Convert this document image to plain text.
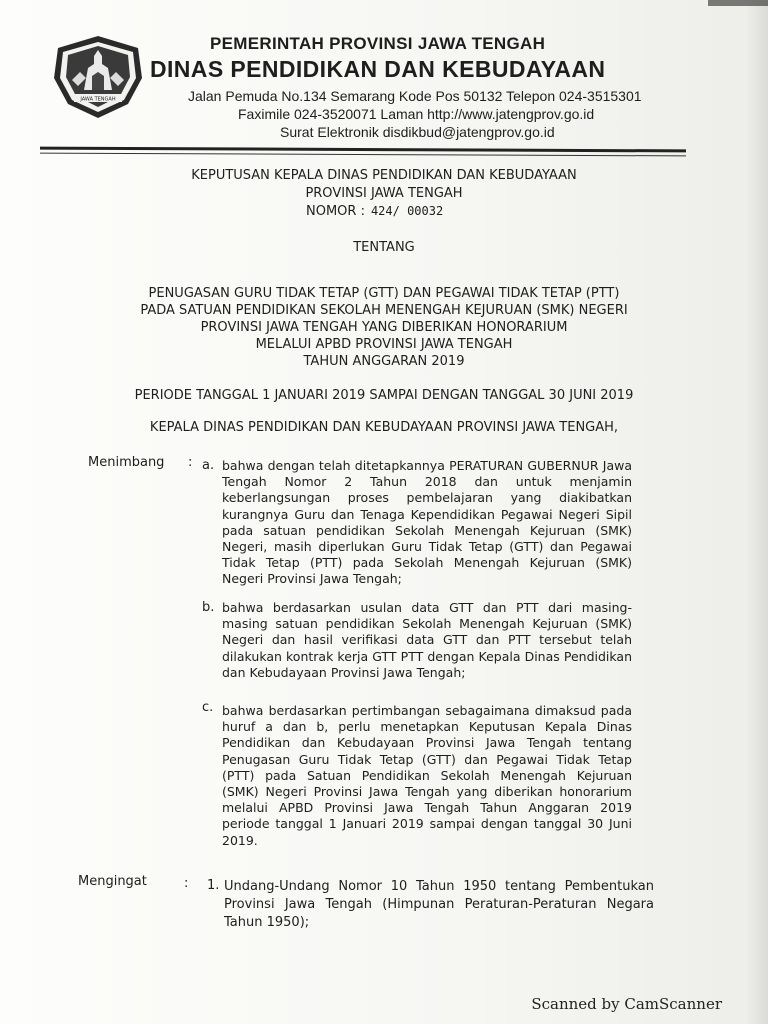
JAWA TENGAH
PEMERINTAH PROVINSI JAWA TENGAH
DINAS PENDIDIKAN DAN KEBUDAYAAN
Jalan Pemuda No.134 Semarang Kode Pos 50132 Telepon 024-3515301
Faximile 024-3520071 Laman http://www.jatengprov.go.id
Surat Elektronik disdikbud@jatengprov.go.id
KEPUTUSAN KEPALA DINAS PENDIDIKAN DAN KEBUDAYAAN
PROVINSI JAWA TENGAH
NOMOR : 424/ 00032
TENTANG
PENUGASAN GURU TIDAK TETAP (GTT) DAN PEGAWAI TIDAK TETAP (PTT)
PADA SATUAN PENDIDIKAN SEKOLAH MENENGAH KEJURUAN (SMK) NEGERI
PROVINSI JAWA TENGAH YANG DIBERIKAN HONORARIUM
MELALUI APBD PROVINSI JAWA TENGAH
TAHUN ANGGARAN 2019
PERIODE TANGGAL 1 JANUARI 2019 SAMPAI DENGAN TANGGAL 30 JUNI 2019
KEPALA DINAS PENDIDIKAN DAN KEBUDAYAAN PROVINSI JAWA TENGAH,
Menimbang : a. bahwa dengan telah ditetapkannya PERATURAN GUBERNUR Jawa Tengah Nomor 2 Tahun 2018 dan untuk menjamin keberlangsungan proses pembelajaran yang diakibatkan kurangnya Guru dan Tenaga Kependidikan Pegawai Negeri Sipil pada satuan pendidikan Sekolah Menengah Kejuruan (SMK) Negeri, masih diperlukan Guru Tidak Tetap (GTT) dan Pegawai Tidak Tetap (PTT) pada Sekolah Menengah Kejuruan (SMK) Negeri Provinsi Jawa Tengah;
b. bahwa berdasarkan usulan data GTT dan PTT dari masing-masing satuan pendidikan Sekolah Menengah Kejuruan (SMK) Negeri dan hasil verifikasi data GTT dan PTT tersebut telah dilakukan kontrak kerja GTT PTT dengan Kepala Dinas Pendidikan dan Kebudayaan Provinsi Jawa Tengah;
c. bahwa berdasarkan pertimbangan sebagaimana dimaksud pada huruf a dan b, perlu menetapkan Keputusan Kepala Dinas Pendidikan dan Kebudayaan Provinsi Jawa Tengah tentang Penugasan Guru Tidak Tetap (GTT) dan Pegawai Tidak Tetap (PTT) pada Satuan Pendidikan Sekolah Menengah Kejuruan (SMK) Negeri Provinsi Jawa Tengah yang diberikan honorarium melalui APBD Provinsi Jawa Tengah Tahun Anggaran 2019 periode tanggal 1 Januari 2019 sampai dengan tanggal 30 Juni 2019.
Mengingat	: 1. Undang-Undang Nomor 10 Tahun 1950 tentang Pembentukan Provinsi Jawa Tengah (Himpunan Peraturan-Peraturan Negara Tahun 1950);
Scanned by CamScanner
